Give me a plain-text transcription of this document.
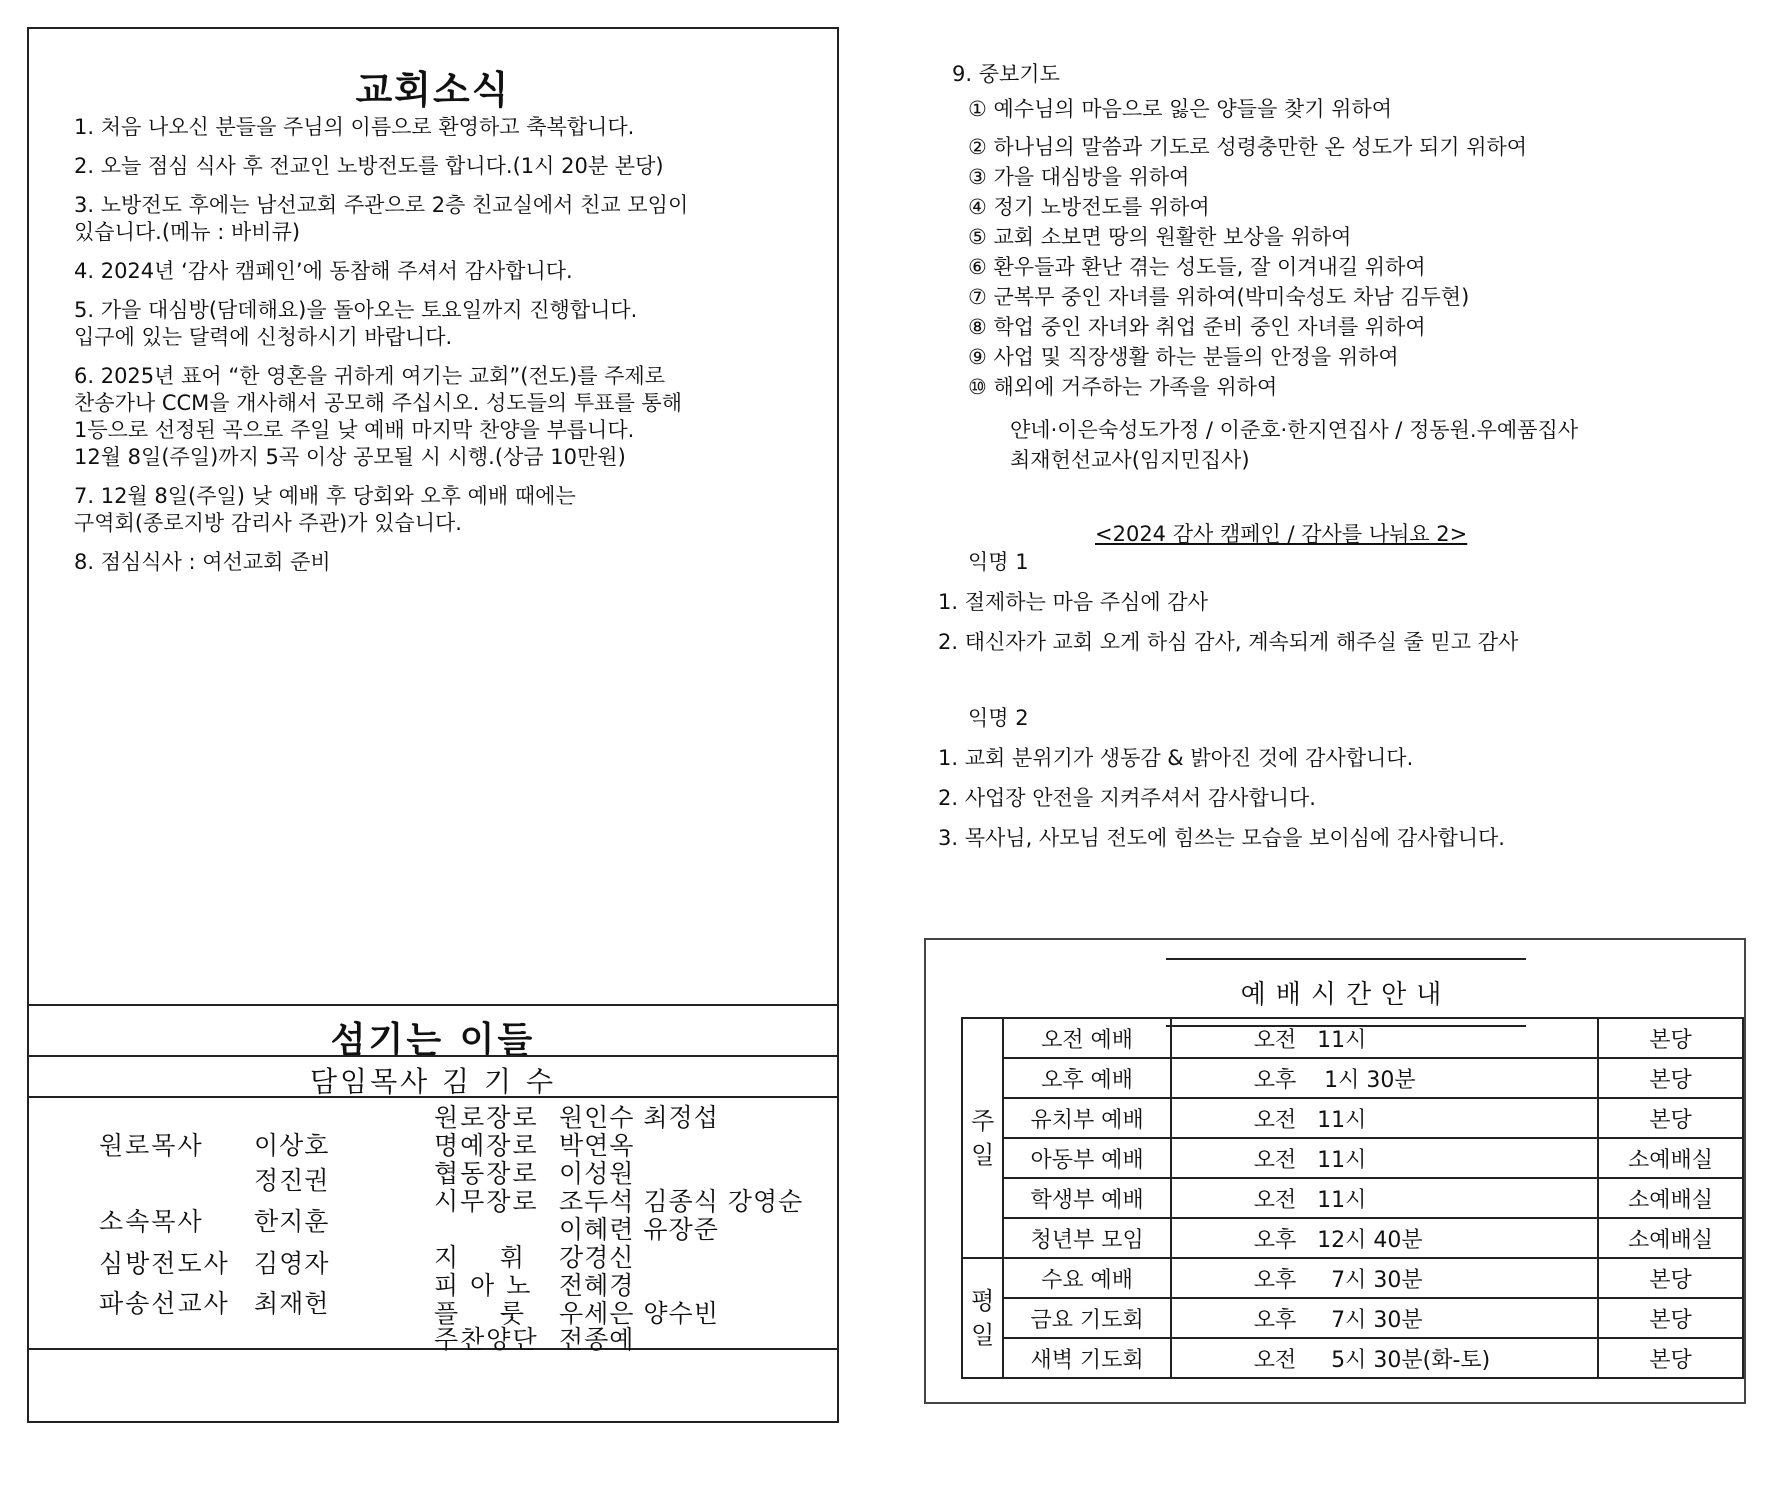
교회소식
1. 처음 나오신 분들을 주님의 이름으로 환영하고 축복합니다.
2. 오늘 점심 식사 후 전교인 노방전도를 합니다.(1시 20분 본당)
3. 노방전도 후에는 남선교회 주관으로 2층 친교실에서 친교 모임이
있습니다.(메뉴 : 바비큐)
4. 2024년 ‘감사 캠페인’에 동참해 주셔서 감사합니다.
5. 가을 대심방(담데해요)을 돌아오는 토요일까지 진행합니다.
입구에 있는 달력에 신청하시기 바랍니다.
6. 2025년 표어 “한 영혼을 귀하게 여기는 교회”(전도)를 주제로
찬송가나 CCM을 개사해서 공모해 주십시오. 성도들의 투표를 통해
1등으로 선정된 곡으로 주일 낮 예배 마지막 찬양을 부릅니다.
12월 8일(주일)까지 5곡 이상 공모될 시 시행.(상금 10만원)
7. 12월 8일(주일) 낮 예배 후 당회와 오후 예배 때에는
구역회(종로지방 감리사 주관)가 있습니다.
8. 점심식사 : 여선교회 준비
섬기는 이들
담임목사 김 기 수
원로목사 이상호
정진권
소속목사 한지훈
심방전도사 김영자
파송선교사 최재헌
원로장로 원인수 최정섭
명예장로 박연옥
협동장로 이성원
시무장로 조두석 김종식 강영순
이혜련 유장준
지    휘 강경신
피 아 노 전혜경
플    룻 우세은 양수빈
주찬양단 전종예
9. 중보기도
① 예수님의 마음으로 잃은 양들을 찾기 위하여
② 하나님의 말씀과 기도로 성령충만한 온 성도가 되기 위하여
③ 가을 대심방을 위하여
④ 정기 노방전도를 위하여
⑤ 교회 소보면 땅의 원활한 보상을 위하여
⑥ 환우들과 환난 겪는 성도들, 잘 이겨내길 위하여
⑦ 군복무 중인 자녀를 위하여(박미숙성도 차남 김두현)
⑧ 학업 중인 자녀와 취업 준비 중인 자녀를 위하여
⑨ 사업 및 직장생활 하는 분들의 안정을 위하여
⑩ 해외에 거주하는 가족을 위하여
얀네·이은숙성도가정 / 이준호·한지연집사 / 정동원.우예품집사
최재헌선교사(임지민집사)
<2024 감사 캠페인 / 감사를 나눠요 2>
익명 1
1. 절제하는 마음 주심에 감사
2. 태신자가 교회 오게 하심 감사, 계속되게 해주실 줄 믿고 감사
익명 2
1. 교회 분위기가 생동감 & 밝아진 것에 감사합니다.
2. 사업장 안전을 지켜주셔서 감사합니다.
3. 목사님, 사모님 전도에 힘쓰는 모습을 보이심에 감사합니다.
예배시간안내
주
일	오전 예배	오전   11시	본당
	오후 예배	오후    1시 30분	본당
	유치부 예배	오전   11시	본당
	아동부 예배	오전   11시	소예배실
	학생부 예배	오전   11시	소예배실
	청년부 모임	오후   12시 40분	소예배실
평
일	수요 예배	오후     7시 30분	본당
	금요 기도회	오후     7시 30분	본당
	새벽 기도회	오전     5시 30분(화-토)	본당
